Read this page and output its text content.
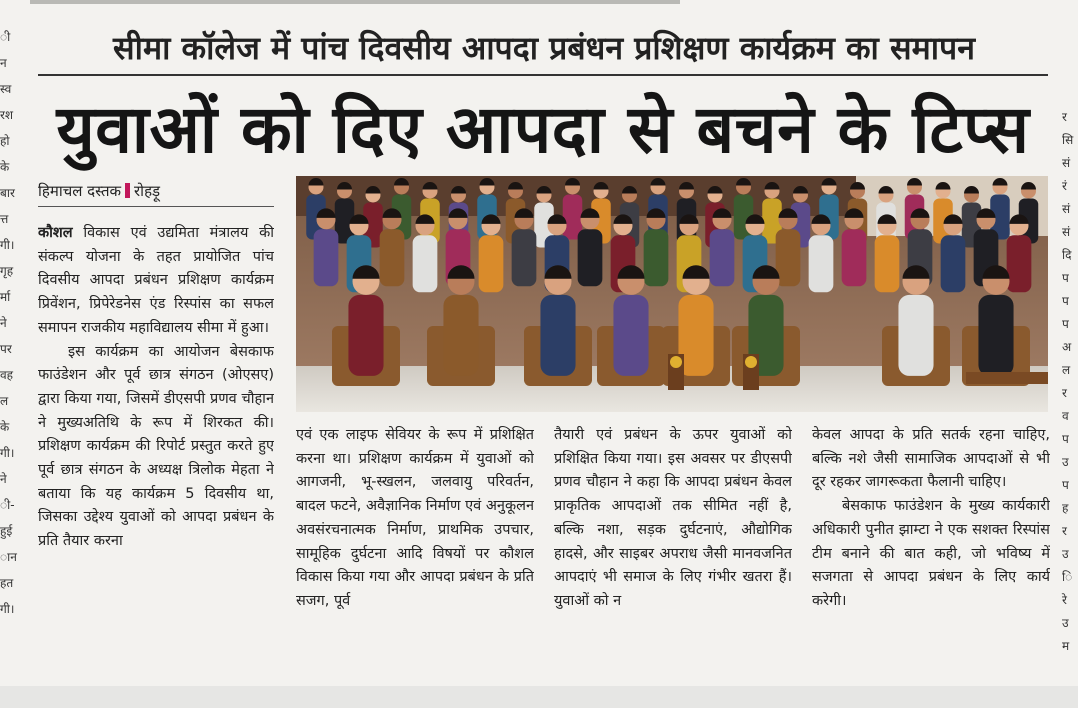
ी
न
स्व
रश
हो
के
बार
त्त
गी।
गृह
र्मा
ने
पर
वह
ल
के
गी।
ने
ी-
हुई
ान
हत
गी।
र
सि
सं
रं
सं
सं
दि
प
प
प
अ
ल
र
व
प
उ
प
ह
र
उ
ि
रे
उ
म
सीमा कॉलेज में पांच दिवसीय आपदा प्रबंधन प्रशिक्षण कार्यक्रम का समापन
युवाओं को दिए आपदा से बचने के टिप्स
हिमाचल दस्तक रोहड़ू

कौशल विकास एवं उद्यमिता मंत्रालय की संकल्प योजना के तहत प्रायोजित पांच दिवसीय आपदा प्रबंधन प्रशिक्षण कार्यक्रम प्रिवेंशन, प्रिपेरेडनेस एंड रिस्पांस का सफल समापन राजकीय महाविद्यालय सीमा में हुआ।

इस कार्यक्रम का आयोजन बेसकाफ फाउंडेशन और पूर्व छात्र संगठन (ओएसए) द्वारा किया गया, जिसमें डीएसपी प्रणव चौहान ने मुख्यअतिथि के रूप में शिरकत की। प्रशिक्षण कार्यक्रम की रिपोर्ट प्रस्तुत करते हुए पूर्व छात्र संगठन के अध्यक्ष त्रिलोक मेहता ने बताया कि यह कार्यक्रम 5 दिवसीय था, जिसका उद्देश्य युवाओं को आपदा प्रबंधन के प्रति तैयार करना

एवं एक लाइफ सेवियर के रूप में प्रशिक्षित करना था। प्रशिक्षण कार्यक्रम में युवाओं को आगजनी, भू-स्खलन, जलवायु परिवर्तन, बादल फटने, अवैज्ञानिक निर्माण एवं अनुकूलन अवसंरचनात्मक निर्माण, प्राथमिक उपचार, सामूहिक दुर्घटना आदि विषयों पर कौशल विकास किया गया और आपदा प्रबंधन के प्रति सजग, पूर्व
तैयारी एवं प्रबंधन के ऊपर युवाओं को प्रशिक्षित किया गया। इस अवसर पर डीएसपी प्रणव चौहान ने कहा कि आपदा प्रबंधन केवल प्राकृतिक आपदाओं तक सीमित नहीं है, बल्कि नशा, सड़क दुर्घटनाएं, औद्योगिक हादसे, और साइबर अपराध जैसी मानवजनित आपदाएं भी समाज के लिए गंभीर खतरा हैं। युवाओं को न

केवल आपदा के प्रति सतर्क रहना चाहिए, बल्कि नशे जैसी सामाजिक आपदाओं से भी दूर रहकर जागरूकता फैलानी चाहिए।

बेसकाफ फाउंडेशन के मुख्य कार्यकारी अधिकारी पुनीत झाम्टा ने एक सशक्त रिस्पांस टीम बनाने की बात कही, जो भविष्य में सजगता से आपदा प्रबंधन के लिए कार्य करेगी।
